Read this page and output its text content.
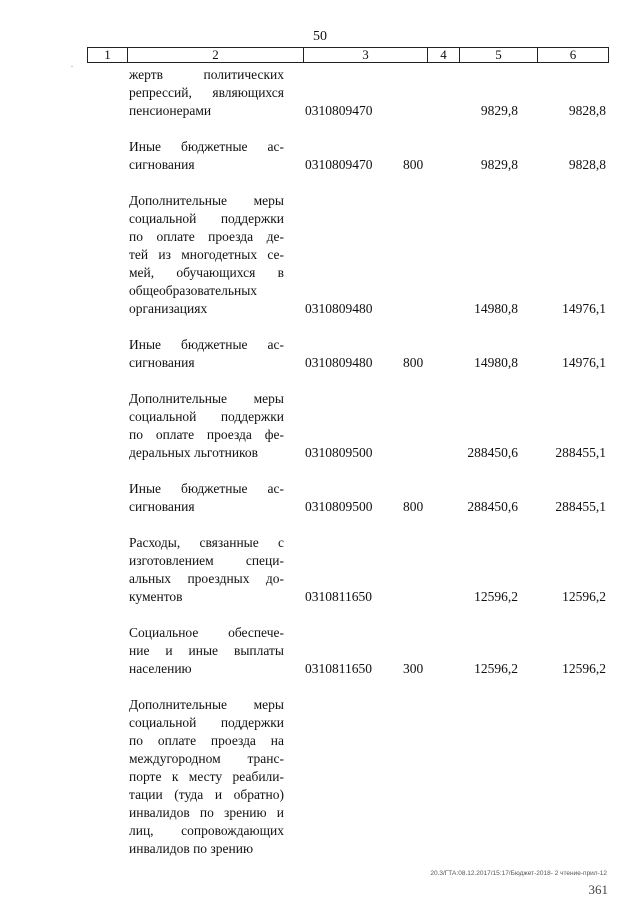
50
.
1	2	3	4	5	6
жертв политических
репрессий, являющихся
пенсионерами	0310809470	9829,8	9828,8
Иные бюджетные ас-
сигнования	0310809470 800	9829,8	9828,8
Дополнительные меры
социальной поддержки
по оплате проезда де-
тей из многодетных се-
мей, обучающихся в
общеобразовательных
организациях	0310809480	14980,8	14976,1
Иные бюджетные ас-
сигнования	0310809480 800	14980,8	14976,1
Дополнительные меры
социальной поддержки
по оплате проезда фе-
деральных льготников	0310809500	288450,6	288455,1
Иные бюджетные ас-
сигнования	0310809500 800	288450,6	288455,1
Расходы, связанные с
изготовлением специ-
альных проездных до-
кументов	0310811650	12596,2	12596,2
Социальное обеспече-
ние и иные выплаты
населению	0310811650 300	12596,2	12596,2
Дополнительные меры
социальной поддержки
по оплате проезда на
междугородном транс-
порте к месту реабили-
тации (туда и обратно)
инвалидов по зрению и
лиц, сопровождающих
инвалидов по зрению
20.3/ГТА:08.12.2017/15:17/Бюджет-2018- 2 чтение-прил-12
361
